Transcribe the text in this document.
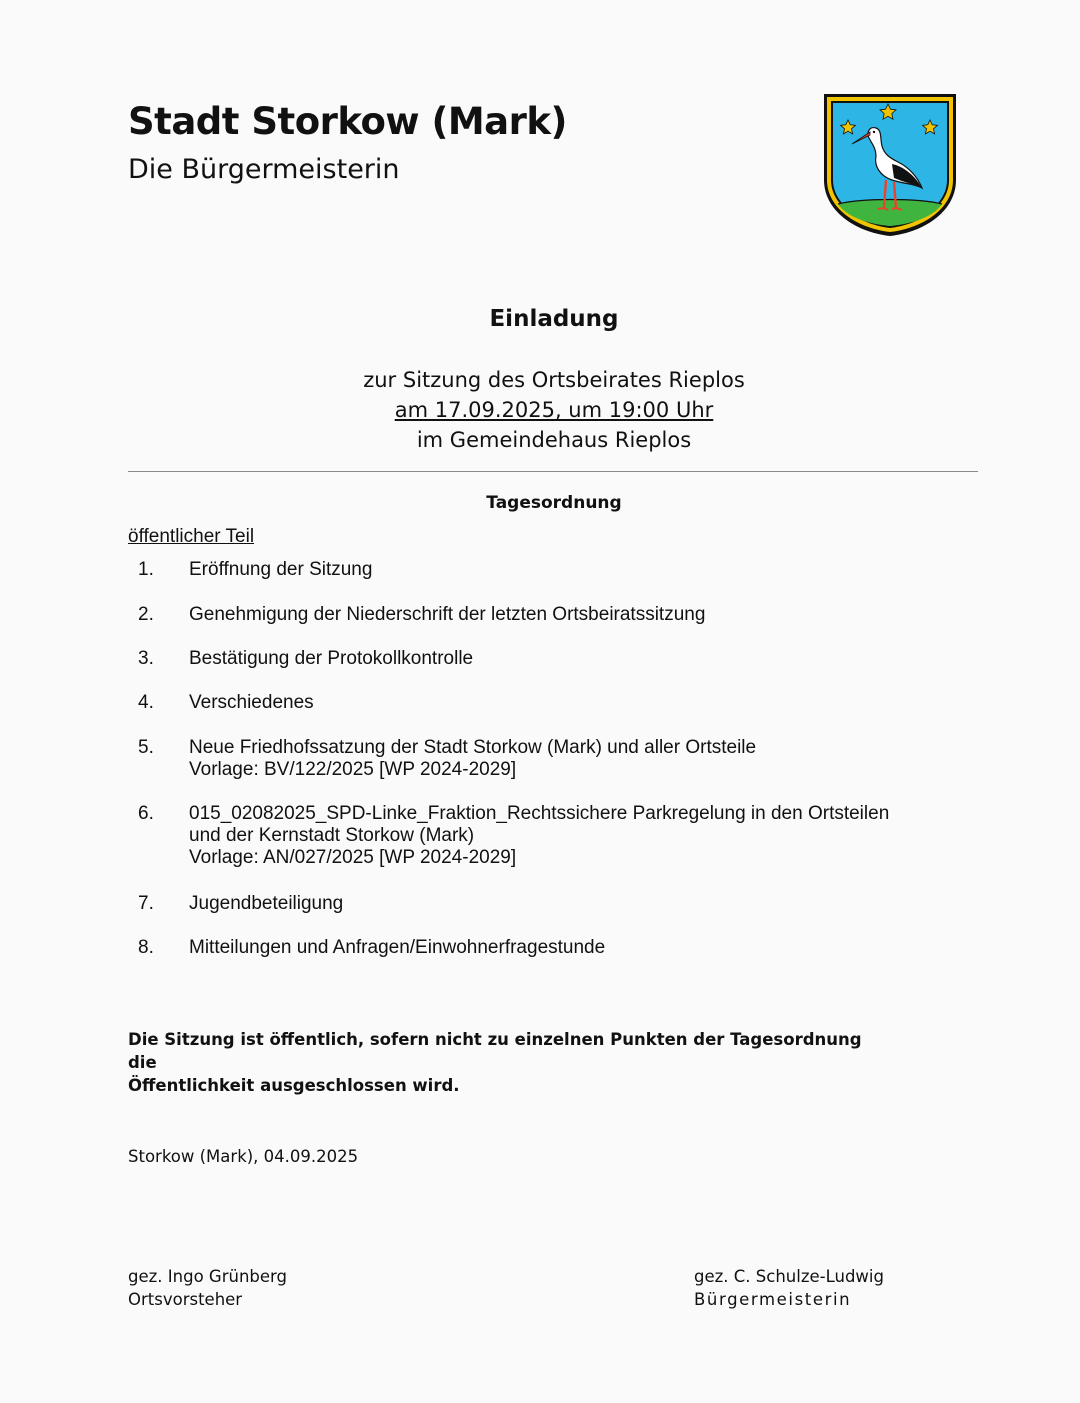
Stadt Storkow (Mark)
Die Bürgermeisterin
Einladung
zur Sitzung des Ortsbeirates Rieplos
am 17.09.2025, um 19:00 Uhr
im Gemeindehaus Rieplos
Tagesordnung
öffentlicher Teil
1. Eröffnung der Sitzung
2. Genehmigung der Niederschrift der letzten Ortsbeiratssitzung
3. Bestätigung der Protokollkontrolle
4. Verschiedenes
5. Neue Friedhofssatzung der Stadt Storkow (Mark) und aller Ortsteile
Vorlage: BV/122/2025 [WP 2024-2029]
6. 015_02082025_SPD-Linke_Fraktion_Rechtssichere Parkregelung in den Ortsteilen
und der Kernstadt Storkow (Mark)
Vorlage: AN/027/2025 [WP 2024-2029]
7. Jugendbeteiligung
8. Mitteilungen und Anfragen/Einwohnerfragestunde
Die Sitzung ist öffentlich, sofern nicht zu einzelnen Punkten der Tagesordnung die
Öffentlichkeit ausgeschlossen wird.
Storkow (Mark), 04.09.2025
gez. Ingo Grünberg
Ortsvorsteher
gez. C. Schulze-Ludwig
Bürgermeisterin
